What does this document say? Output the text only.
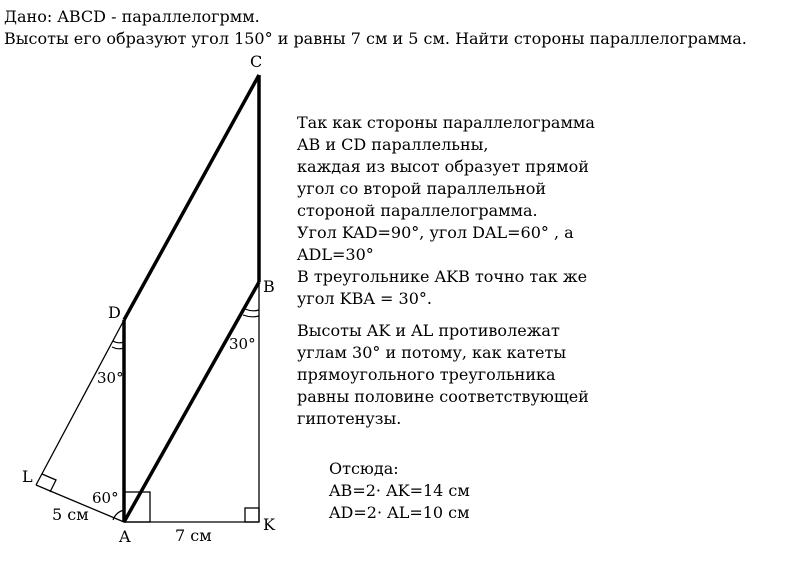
Дано: ABCD - параллелогрмм.
Высоты его образуют угол 150° и равны 7 см и 5 см. Найти стороны параллелограмма.
A
B
C
D
K
L
30°
60°
30°
5 см
7 см
Так как стороны параллелограмма
AB и CD параллельны,
каждая из высот образует прямой
угол со второй параллельной
стороной параллелограмма.
Угол KAD=90°, угол DAL=60° , а
ADL=30°
В треугольнике AKB точно так же
угол KBA = 30°.
Высоты AK и AL противолежат
углам 30° и потому, как катеты
прямоугольного треугольника
равны половине соответствующей
гипотенузы.
Отсюда:
AB=2· AK=14 см
AD=2· AL=10 см
